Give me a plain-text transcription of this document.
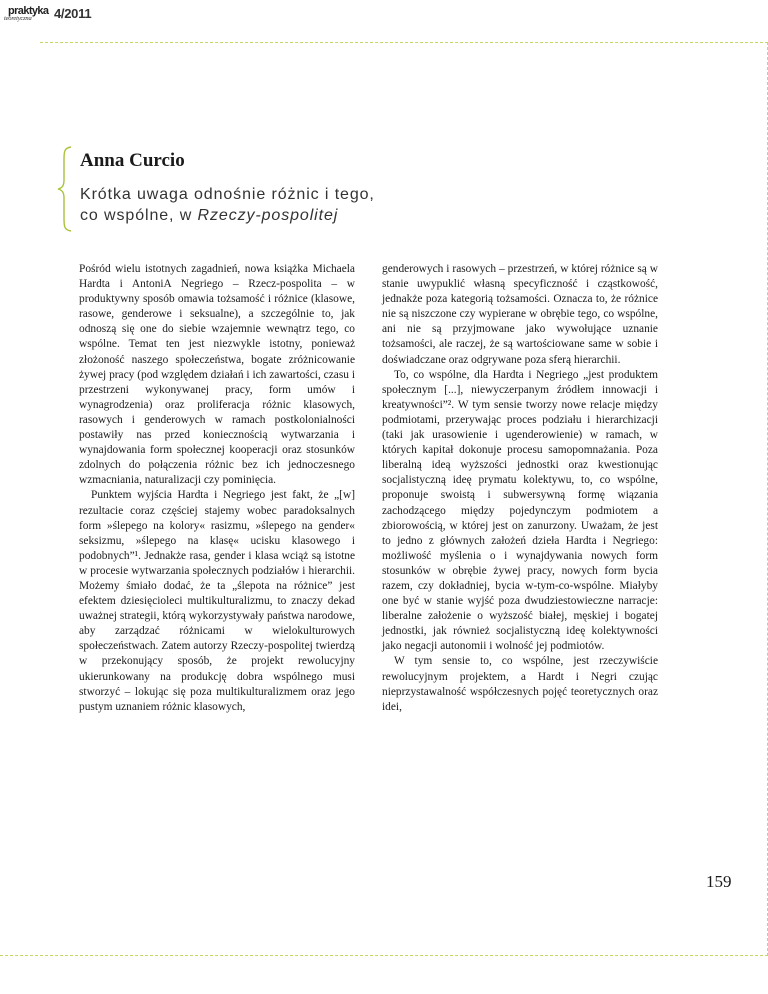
praktyka
teoretyczna 4/2011
Anna Curcio
Krótka uwaga odnośnie różnic i tego,
co wspólne, w Rzeczy-pospolitej

Pośród wielu istotnych zagadnień, nowa książka Michaela Hardta i AntoniA Negriego – Rzecz-pospolita – w produktywny sposób omawia tożsamość i różnice (klasowe, rasowe, genderowe i seksualne), a szczególnie to, jak odnoszą się one do siebie wzajemnie wewnątrz tego, co wspólne. Temat ten jest niezwykle istotny, ponieważ złożoność naszego społeczeństwa, bogate zróżnicowanie żywej pracy (pod względem działań i ich zawartości, czasu i przestrzeni wykonywanej pracy, form umów i wynagrodzenia) oraz proliferacja różnic klasowych, rasowych i genderowych w ramach postkolonialności postawiły nas przed koniecznością wytwarzania i wynajdowania form społecznej kooperacji oraz stosunków zdolnych do połączenia różnic bez ich jednoczesnego wzmacniania, naturalizacji czy pominięcia.

Punktem wyjścia Hardta i Negriego jest fakt, że „[w] rezultacie coraz częściej stajemy wobec paradoksalnych form »ślepego na kolory« rasizmu, »ślepego na gender« seksizmu, »ślepego na klasę« ucisku klasowego i podobnych”¹. Jednakże rasa, gender i klasa wciąż są istotne w procesie wytwarzania społecznych podziałów i hierarchii. Możemy śmiało dodać, że ta „ślepota na różnice” jest efektem dziesięcioleci multikulturalizmu, to znaczy dekad uważnej strategii, którą wykorzystywały państwa narodowe, aby zarządzać różnicami w wielokulturowych społeczeństwach. Zatem autorzy Rzeczy-pospolitej twierdzą w przekonujący sposób, że projekt rewolucyjny ukierunkowany na produkcję dobra wspólnego musi stworzyć – lokując się poza multikulturalizmem oraz jego pustym uznaniem różnic klasowych,

genderowych i rasowych – przestrzeń, w której różnice są w stanie uwypuklić własną specyficzność i cząstkowość, jednakże poza kategorią tożsamości. Oznacza to, że różnice nie są niszczone czy wypierane w obrębie tego, co wspólne, ani nie są przyjmowane jako wywołujące uznanie tożsamości, ale raczej, że są wartościowane same w sobie i doświadczane oraz odgrywane poza sferą hierarchii.

To, co wspólne, dla Hardta i Negriego „jest produktem społecznym [...], niewyczerpanym źródłem innowacji i kreatywności”². W tym sensie tworzy nowe relacje między podmiotami, przerywając proces podziału i hierarchizacji (taki jak urasowienie i ugenderowienie) w ramach, w których kapitał dokonuje procesu samopomnażania. Poza liberalną ideą wyższości jednostki oraz kwestionując socjalistyczną ideę prymatu kolektywu, to, co wspólne, proponuje swoistą i subwersywną formę wiązania zachodzącego między pojedynczym podmiotem a zbiorowością, w której jest on zanurzony. Uważam, że jest to jedno z głównych założeń dzieła Hardta i Negriego: możliwość myślenia o i wynajdywania nowych form stosunków w obrębie żywej pracy, nowych form bycia razem, czy dokładniej, bycia w-tym-co-wspólne. Miałyby one być w stanie wyjść poza dwudziestowieczne narracje: liberalne założenie o wyższość białej, męskiej i bogatej jednostki, jak również socjalistyczną ideę kolektywności jako negacji autonomii i wolność jej podmiotów.

W tym sensie to, co wspólne, jest rzeczywiście rewolucyjnym projektem, a Hardt i Negri czując nieprzystawalność współczesnych pojęć teoretycznych oraz idei,

159
